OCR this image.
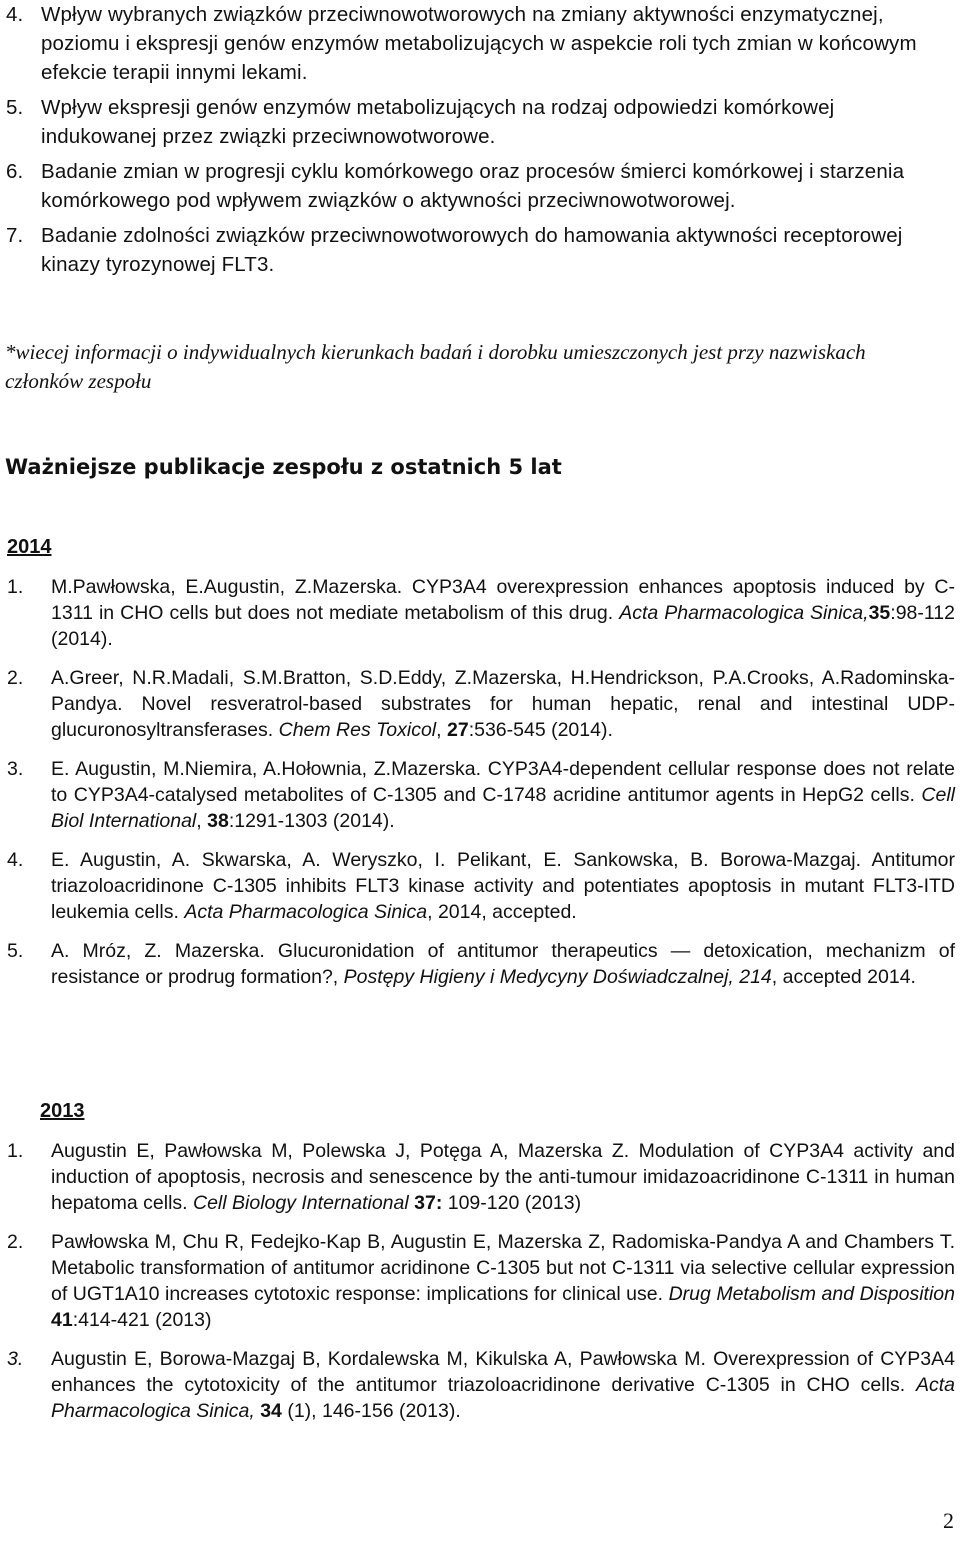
4. Wpływ wybranych związków przeciwnowotworowych na zmiany aktywności enzymatycznej, poziomu i ekspresji genów enzymów metabolizujących w aspekcie roli tych zmian w końcowym efekcie terapii innymi lekami.
5. Wpływ ekspresji genów enzymów metabolizujących na rodzaj odpowiedzi komórkowej indukowanej przez związki przeciwnowotworowe.
6. Badanie zmian w progresji cyklu komórkowego oraz procesów śmierci komórkowej i starzenia komórkowego pod wpływem związków o aktywności przeciwnowotworowej.
7. Badanie zdolności związków przeciwnowotworowych do hamowania aktywności receptorowej kinazy tyrozynowej FLT3.
*wiecej informacji o indywidualnych kierunkach badań i dorobku umieszczonych jest przy nazwiskach członków zespołu
Ważniejsze publikacje zespołu z ostatnich 5 lat
2014
1. M.Pawłowska, E.Augustin, Z.Mazerska. CYP3A4 overexpression enhances apoptosis induced by C-1311 in CHO cells but does not mediate metabolism of this drug. Acta Pharmacologica Sinica,35:98-112 (2014).
2. A.Greer, N.R.Madali, S.M.Bratton, S.D.Eddy, Z.Mazerska, H.Hendrickson, P.A.Crooks, A.Radominska-Pandya. Novel resveratrol-based substrates for human hepatic, renal and intestinal UDP-glucuronosyltransferases. Chem Res Toxicol, 27:536-545 (2014).
3. E. Augustin, M.Niemira, A.Hołownia, Z.Mazerska. CYP3A4-dependent cellular response does not relate to CYP3A4-catalysed metabolites of C-1305 and C-1748 acridine antitumor agents in HepG2 cells. Cell Biol International, 38:1291-1303 (2014).
4. E. Augustin, A. Skwarska, A. Weryszko, I. Pelikant, E. Sankowska, B. Borowa-Mazgaj. Antitumor triazoloacridinone C-1305 inhibits FLT3 kinase activity and potentiates apoptosis in mutant FLT3-ITD leukemia cells. Acta Pharmacologica Sinica, 2014, accepted.
5. A. Mróz, Z. Mazerska. Glucuronidation of antitumor therapeutics — detoxication, mechanizm of resistance or prodrug formation?, Postępy Higieny i Medycyny Doświadczalnej, 214, accepted 2014.
2013
1. Augustin E, Pawłowska M, Polewska J, Potęga A, Mazerska Z. Modulation of CYP3A4 activity and induction of apoptosis, necrosis and senescence by the anti-tumour imidazoacridinone C-1311 in human hepatoma cells. Cell Biology International 37: 109-120 (2013)
2. Pawłowska M, Chu R, Fedejko-Kap B, Augustin E, Mazerska Z, Radomiska-Pandya A and Chambers T. Metabolic transformation of antitumor acridinone C-1305 but not C-1311 via selective cellular expression of UGT1A10 increases cytotoxic response: implications for clinical use. Drug Metabolism and Disposition 41:414-421 (2013)
3. Augustin E, Borowa-Mazgaj B, Kordalewska M, Kikulska A, Pawłowska M. Overexpression of CYP3A4 enhances the cytotoxicity of the antitumor triazoloacridinone derivative C-1305 in CHO cells. Acta Pharmacologica Sinica, 34 (1), 146-156 (2013).
2
